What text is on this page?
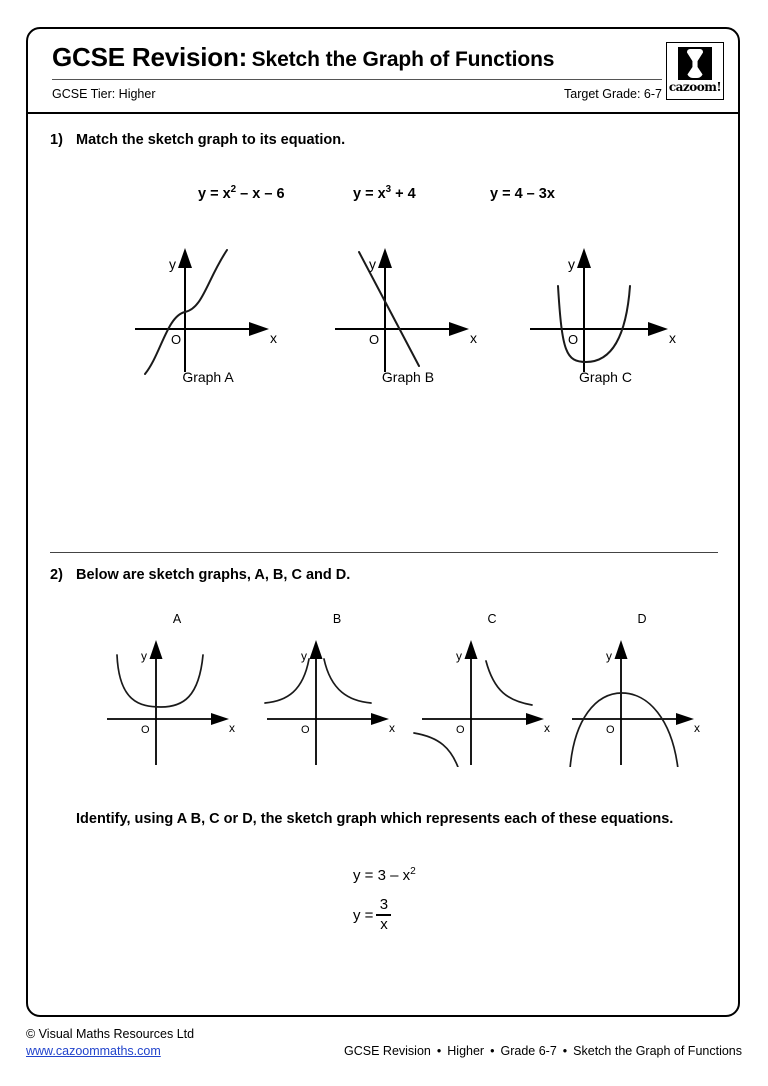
GCSE Revision: Sketch the Graph of Functions
GCSE Tier: Higher	Target Grade: 6-7 cazoom!
1) Match the sketch graph to its equation.
$y = x^2 - x - 6$	$y = x^3 + 4$	y = 4 – 3x
y
x
O
Graph A
y
x
O
Graph B
y
x
O
Graph C
2) Below are sketch graphs, A, B, C and D.
A	B	C	D
y
x
O
y
x
O
y
x
O
y
x
O
Identify, using A B, C or D, the sketch graph which represents each of these equations.
$y = 3 - x^2$
$y = \frac{3}{x}$
© Visual Maths Resources Ltd
www.cazoommaths.com	GCSE Revision • Higher • Grade 6-7 • Sketch the Graph of Functions
